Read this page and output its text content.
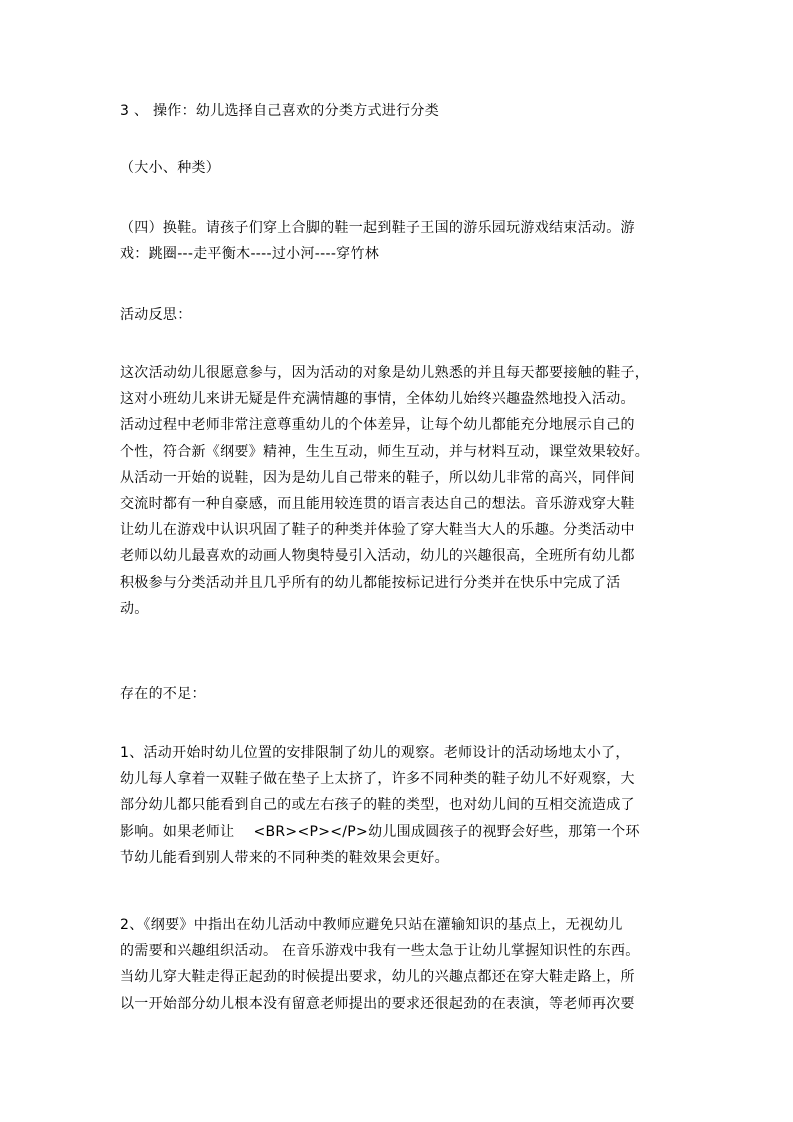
3 、 操作：幼儿选择自己喜欢的分类方式进行分类
（大小、种类）
（四）换鞋。请孩子们穿上合脚的鞋一起到鞋子王国的游乐园玩游戏结束活动。游
戏：跳圈---走平衡木----过小河----穿竹林
活动反思：
这次活动幼儿很愿意参与，因为活动的对象是幼儿熟悉的并且每天都要接触的鞋子，
这对小班幼儿来讲无疑是件充满情趣的事情，全体幼儿始终兴趣盎然地投入活动。
活动过程中老师非常注意尊重幼儿的个体差异，让每个幼儿都能充分地展示自己的
个性，符合新《纲要》精神，生生互动，师生互动，并与材料互动，课堂效果较好。
从活动一开始的说鞋，因为是幼儿自己带来的鞋子，所以幼儿非常的高兴，同伴间
交流时都有一种自豪感，而且能用较连贯的语言表达自己的想法。音乐游戏穿大鞋
让幼儿在游戏中认识巩固了鞋子的种类并体验了穿大鞋当大人的乐趣。分类活动中
老师以幼儿最喜欢的动画人物奥特曼引入活动，幼儿的兴趣很高，全班所有幼儿都
积极参与分类活动并且几乎所有的幼儿都能按标记进行分类并在快乐中完成了活
动。
存在的不足：
1、活动开始时幼儿位置的安排限制了幼儿的观察。老师设计的活动场地太小了，
幼儿每人拿着一双鞋子做在垫子上太挤了，许多不同种类的鞋子幼儿不好观察，大
部分幼儿都只能看到自己的或左右孩子的鞋的类型，也对幼儿间的互相交流造成了
影响。如果老师让　 <BR><P></P>幼儿围成圆孩子的视野会好些，那第一个环
节幼儿能看到别人带来的不同种类的鞋效果会更好。
2、《纲要》中指出在幼儿活动中教师应避免只站在灌输知识的基点上，无视幼儿
的需要和兴趣组织活动。 在音乐游戏中我有一些太急于让幼儿掌握知识性的东西。
当幼儿穿大鞋走得正起劲的时候提出要求，幼儿的兴趣点都还在穿大鞋走路上，所
以一开始部分幼儿根本没有留意老师提出的要求还很起劲的在表演，等老师再次要
